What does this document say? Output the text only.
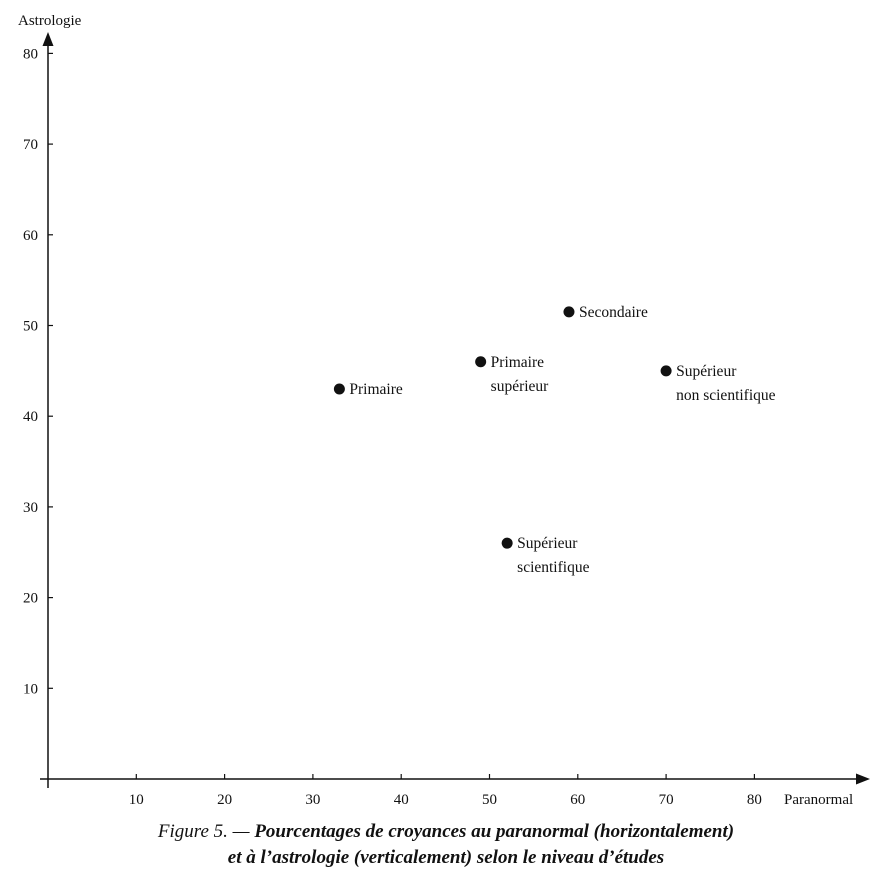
10	20	30	40	50	60	70	80
10
20
30
40
50
60
70
80
Primaire
Primaire
supérieur
Secondaire
Supérieur
non scientifique
Supérieur
scientifique
Paranormal
Astrologie
Figure 5. — Pourcentages de croyances au paranormal (horizontalement)
et à l’astrologie (verticalement) selon le niveau d’études
